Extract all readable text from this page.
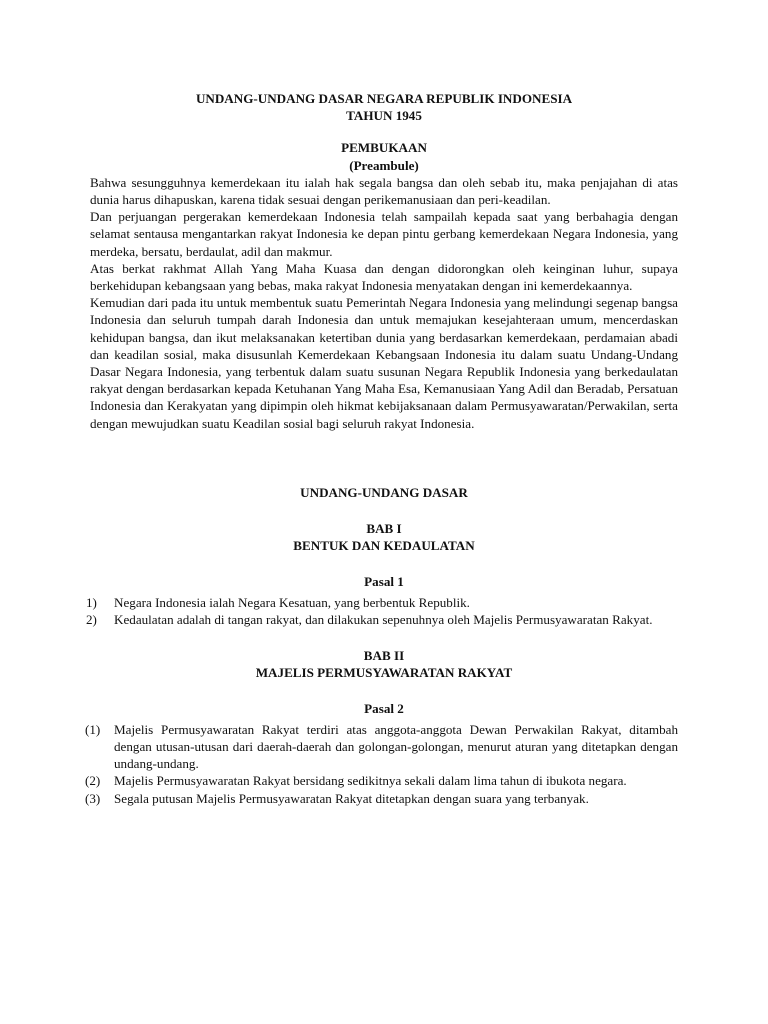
UNDANG-UNDANG DASAR NEGARA REPUBLIK INDONESIA
TAHUN 1945
PEMBUKAAN
(Preambule)

Bahwa sesungguhnya kemerdekaan itu ialah hak segala bangsa dan oleh sebab itu, maka penjajahan di atas dunia harus dihapuskan, karena tidak sesuai dengan perikemanusiaan dan peri-keadilan.

Dan perjuangan pergerakan kemerdekaan Indonesia telah sampailah kepada saat yang berbahagia dengan selamat sentausa mengantarkan rakyat Indonesia ke depan pintu gerbang kemerdekaan Negara Indonesia, yang merdeka, bersatu, berdaulat, adil dan makmur.

Atas berkat rakhmat Allah Yang Maha Kuasa dan dengan didorongkan oleh keinginan luhur, supaya berkehidupan kebangsaan yang bebas, maka rakyat Indonesia menyatakan dengan ini kemerdekaannya.

Kemudian dari pada itu untuk membentuk suatu Pemerintah Negara Indonesia yang melindungi segenap bangsa Indonesia dan seluruh tumpah darah Indonesia dan untuk memajukan kesejahteraan umum, mencerdaskan kehidupan bangsa, dan ikut melaksanakan ketertiban dunia yang berdasarkan kemerdekaan, perdamaian abadi dan keadilan sosial, maka disusunlah Kemerdekaan Kebangsaan Indonesia itu dalam suatu Undang-Undang Dasar Negara Indonesia, yang terbentuk dalam suatu susunan Negara Republik Indonesia yang berkedaulatan rakyat dengan berdasarkan kepada Ketuhanan Yang Maha Esa, Kemanusiaan Yang Adil dan Beradab, Persatuan Indonesia dan Kerakyatan yang dipimpin oleh hikmat kebijaksanaan dalam Permusyawaratan/Perwakilan, serta dengan mewujudkan suatu Keadilan sosial bagi seluruh rakyat Indonesia.

UNDANG-UNDANG DASAR
BAB I
BENTUK DAN KEDAULATAN
Pasal 1
1) Negara Indonesia ialah Negara Kesatuan, yang berbentuk Republik.
2) Kedaulatan adalah di tangan rakyat, dan dilakukan sepenuhnya oleh Majelis Permusyawaratan Rakyat.
BAB II
MAJELIS PERMUSYAWARATAN RAKYAT
Pasal 2
(1) Majelis Permusyawaratan Rakyat terdiri atas anggota-anggota Dewan Perwakilan Rakyat, ditambah dengan utusan-utusan dari daerah-daerah dan golongan-golongan, menurut aturan yang ditetapkan dengan undang-undang.
(2) Majelis Permusyawaratan Rakyat bersidang sedikitnya sekali dalam lima tahun di ibukota negara.
(3) Segala putusan Majelis Permusyawaratan Rakyat ditetapkan dengan suara yang terbanyak.
